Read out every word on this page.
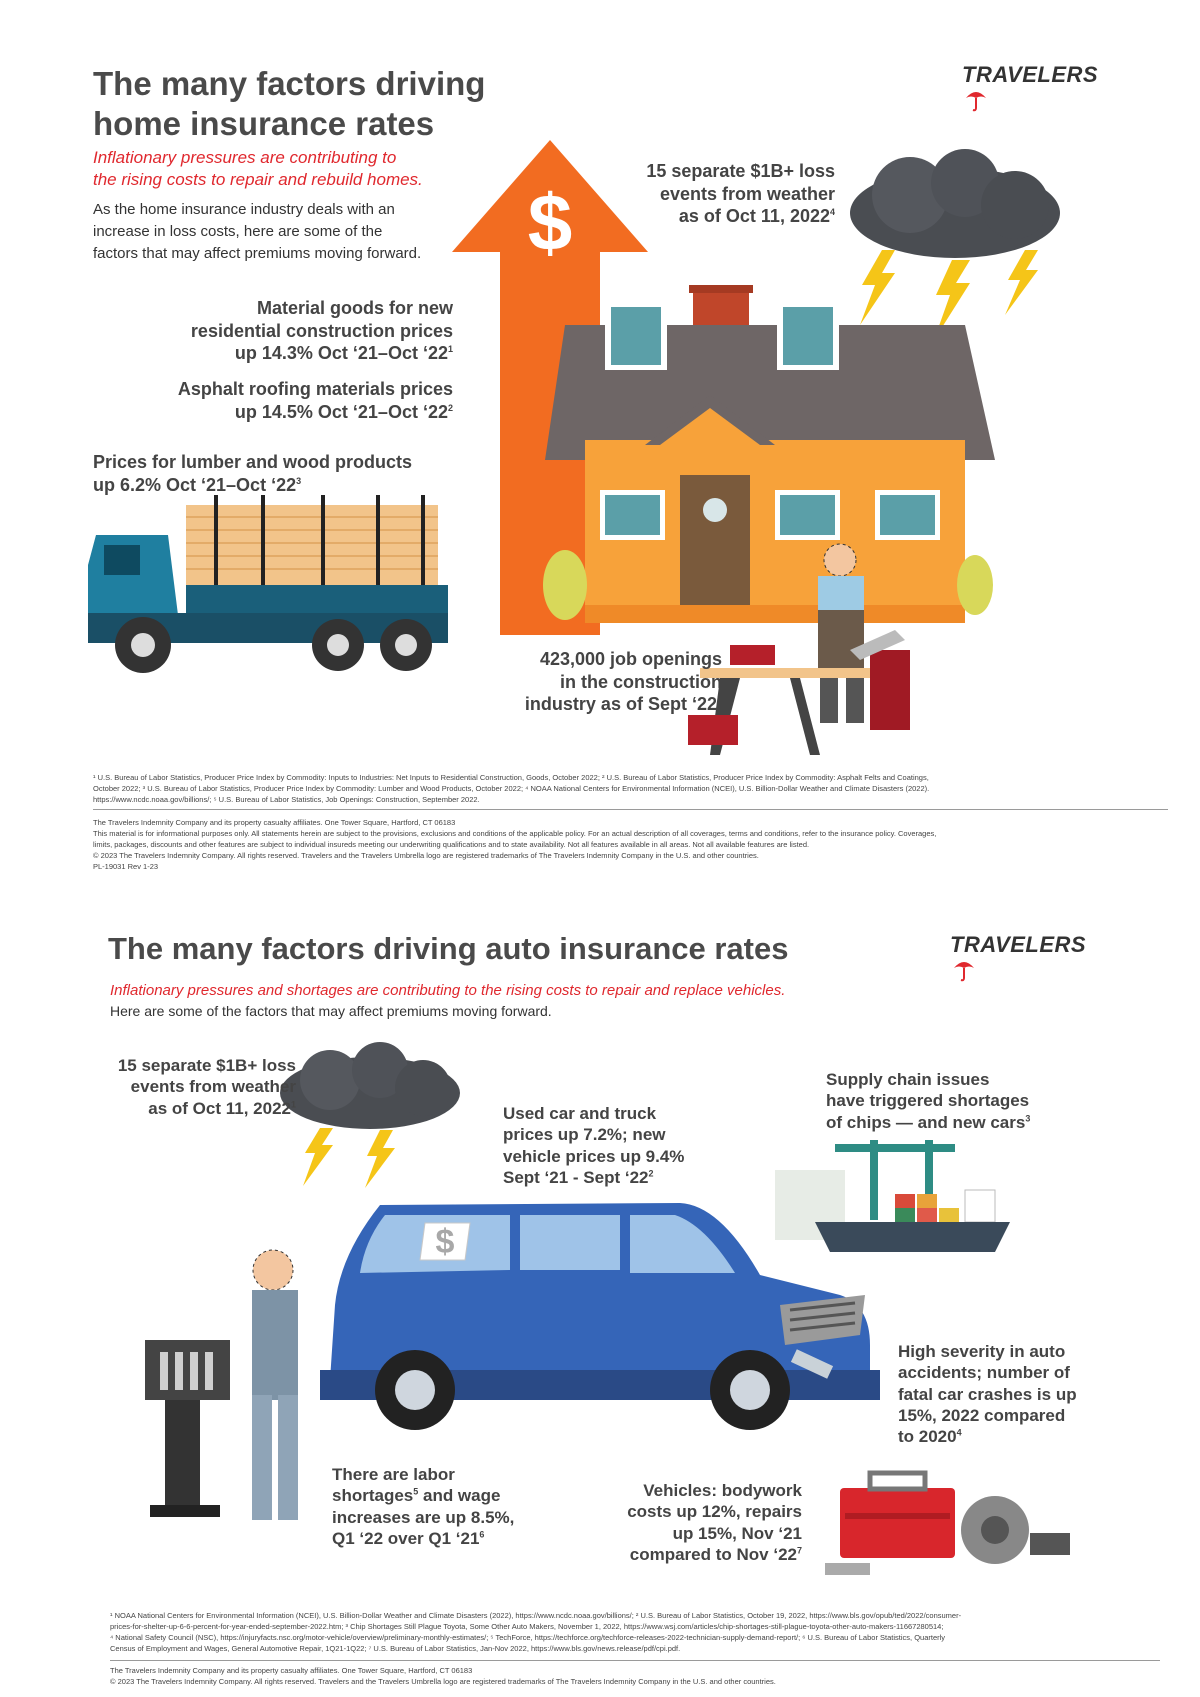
The many factors driving
home insurance rates
TRAVELERS
Inflationary pressures are contributing to
the rising costs to repair and rebuild homes.
As the home insurance industry deals with an
increase in loss costs, here are some of the
factors that may affect premiums moving forward. $
15 separate $1B+ loss
events from weather
as of Oct 11, 2022$^4$
Material goods for new
residential construction prices
up 14.3% Oct ‘21–Oct ‘$22^1$
Asphalt roofing materials prices
up 14.5% Oct ‘21–Oct ‘$22^2$
Prices for lumber and wood products
up 6.2% Oct ‘21–Oct ‘$22^3$
423,000 job openings
in the construction
industry as of Sept ‘$22^5$
¹ U.S. Bureau of Labor Statistics, Producer Price Index by Commodity: Inputs to Industries: Net Inputs to Residential Construction, Goods, October 2022; ² U.S. Bureau of Labor Statistics, Producer Price Index by Commodity: Asphalt Felts and Coatings,
October 2022; ³ U.S. Bureau of Labor Statistics, Producer Price Index by Commodity: Lumber and Wood Products, October 2022; ⁴ NOAA National Centers for Environmental Information (NCEI), U.S. Billion-Dollar Weather and Climate Disasters (2022).
https://www.ncdc.noaa.gov/billions/; ⁵ U.S. Bureau of Labor Statistics, Job Openings: Construction, September 2022.
The Travelers Indemnity Company and its property casualty affiliates. One Tower Square, Hartford, CT 06183
This material is for informational purposes only. All statements herein are subject to the provisions, exclusions and conditions of the applicable policy. For an actual description of all coverages, terms and conditions, refer to the insurance policy. Coverages,
limits, packages, discounts and other features are subject to individual insureds meeting our underwriting qualifications and to state availability. Not all features available in all areas. Not all available features are listed.
© 2023 The Travelers Indemnity Company. All rights reserved. Travelers and the Travelers Umbrella logo are registered trademarks of The Travelers Indemnity Company in the U.S. and other countries.
PL-19031 Rev 1-23
The many factors driving auto insurance rates	TRAVELERS
Inflationary pressures and shortages are contributing to the rising costs to repair and replace vehicles.
Here are some of the factors that may affect premiums moving forward.
15 separate $1B+ loss
events from weather
as of Oct 11, 2022$^1$
Used car and truck
prices up 7.2%; new
vehicle prices up 9.4%
Sept ‘21 - Sept ‘$22^2$
Supply chain issues
have triggered shortages
of chips — and new cars$^3$
$
High severity in auto
accidents; number of
fatal car crashes is up
15%, 2022 compared
to 2020$^4$
There are labor
shortages$^5$ and wage
increases are up 8.5%,
Q1 ‘22 over Q1 ‘$21^6$
Vehicles: bodywork
costs up 12%, repairs
up 15%, Nov ‘21
compared to Nov ‘$22^7$
¹ NOAA National Centers for Environmental Information (NCEI), U.S. Billion-Dollar Weather and Climate Disasters (2022), https://www.ncdc.noaa.gov/billions/; ² U.S. Bureau of Labor Statistics, October 19, 2022, https://www.bls.gov/opub/ted/2022/consumer-
prices-for-shelter-up-6-6-percent-for-year-ended-september-2022.htm; ³ Chip Shortages Still Plague Toyota, Some Other Auto Makers, November 1, 2022, https://www.wsj.com/articles/chip-shortages-still-plague-toyota-other-auto-makers-11667280514;
⁴ National Safety Council (NSC), https://injuryfacts.nsc.org/motor-vehicle/overview/preliminary-monthly-estimates/; ⁵ TechForce, https://techforce.org/techforce-releases-2022-technician-supply-demand-report/; ⁶ U.S. Bureau of Labor Statistics, Quarterly
Census of Employment and Wages, General Automotive Repair, 1Q21-1Q22; ⁷ U.S. Bureau of Labor Statistics, Jan-Nov 2022, https://www.bls.gov/news.release/pdf/cpi.pdf.
The Travelers Indemnity Company and its property casualty affiliates. One Tower Square, Hartford, CT 06183
© 2023 The Travelers Indemnity Company. All rights reserved. Travelers and the Travelers Umbrella logo are registered trademarks of The Travelers Indemnity Company in the U.S. and other countries.
